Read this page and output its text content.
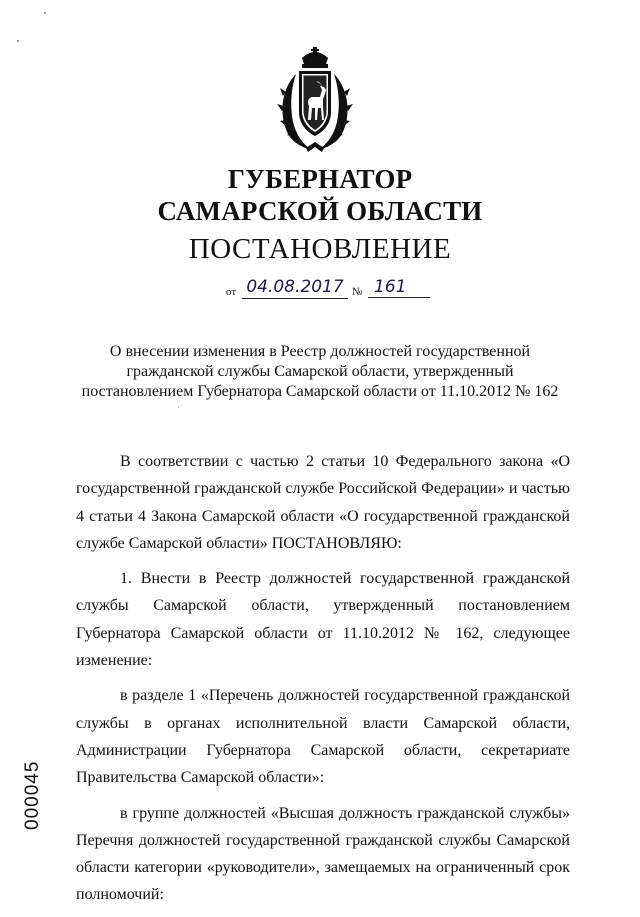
ГУБЕРНАТОР
САМАРСКОЙ ОБЛАСТИ
ПОСТАНОВЛЕНИЕ
от 04.08.2017 № 161
О внесении изменения в Реестр должностей государственной гражданской службы Самарской области, утвержденный постановлением Губернатора Самарской области от 11.10.2012 № 162

В соответствии с частью 2 статьи 10 Федерального закона «О государственной гражданской службе Российской Федерации» и частью 4 статьи 4 Закона Самарской области «О государственной гражданской службе Самарской области» ПОСТАНОВЛЯЮ:

1. Внести в Реестр должностей государственной гражданской службы Самарской области, утвержденный постановлением Губернатора Самарской области от 11.10.2012 № 162, следующее изменение:

в разделе 1 «Перечень должностей государственной гражданской службы в органах исполнительной власти Самарской области, Администрации Губернатора Самарской области, секретариате Правительства Самарской области»:

в группе должностей «Высшая должность гражданской службы» Перечня должностей государственной гражданской службы Самарской области категории «руководители», замещаемых на ограниченный срок полномочий:

000045
